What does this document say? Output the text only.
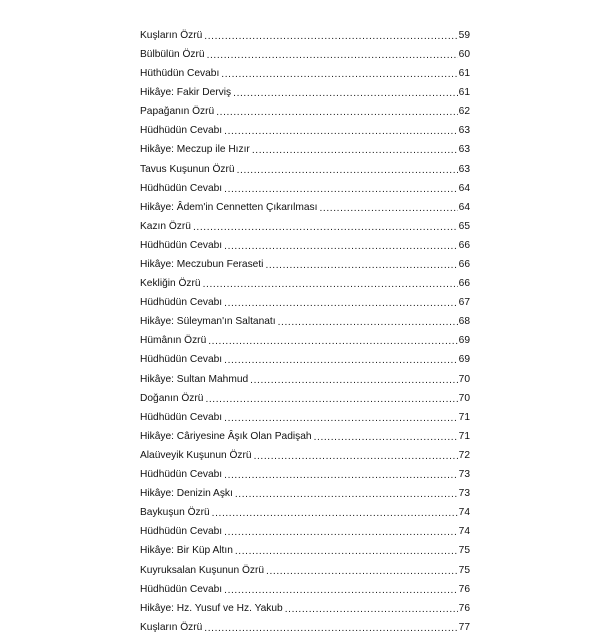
Kuşların Özrü .....	59
Bülbülün Özrü .....	60
Hüthüdün Cevabı .....	61
Hikâye: Fakir Derviş .....	61
Papağanın Özrü .....	62
Hüdhüdün Cevabı .....	63
Hikâye: Meczup ile Hızır .....	63
Tavus Kuşunun Özrü .....	63
Hüdhüdün Cevabı .....	64
Hikâye: Âdem'in Cennetten Çıkarılması .....	64
Kazın Özrü .....	65
Hüdhüdün Cevabı .....	66
Hikâye: Meczubun Feraseti .....	66
Kekliğin Özrü .....	66
Hüdhüdün Cevabı .....	67
Hikâye: Süleyman'ın Saltanatı .....	68
Hümânın Özrü .....	69
Hüdhüdün Cevabı .....	69
Hikâye: Sultan Mahmud .....	70
Doğanın Özrü .....	70
Hüdhüdün Cevabı .....	71
Hikâye: Câriyesine Âşık Olan Padişah .....	71
Alaüveyik Kuşunun Özrü .....	72
Hüdhüdün Cevabı .....	73
Hikâye: Denizin Aşkı .....	73
Baykuşun Özrü .....	74
Hüdhüdün Cevabı .....	74
Hikâye: Bir Küp Altın .....	75
Kuyruksalan Kuşunun Özrü .....	75
Hüdhüdün Cevabı .....	76
Hikâye: Hz. Yusuf ve Hz. Yakub .....	76
Kuşların Özrü .....	77
